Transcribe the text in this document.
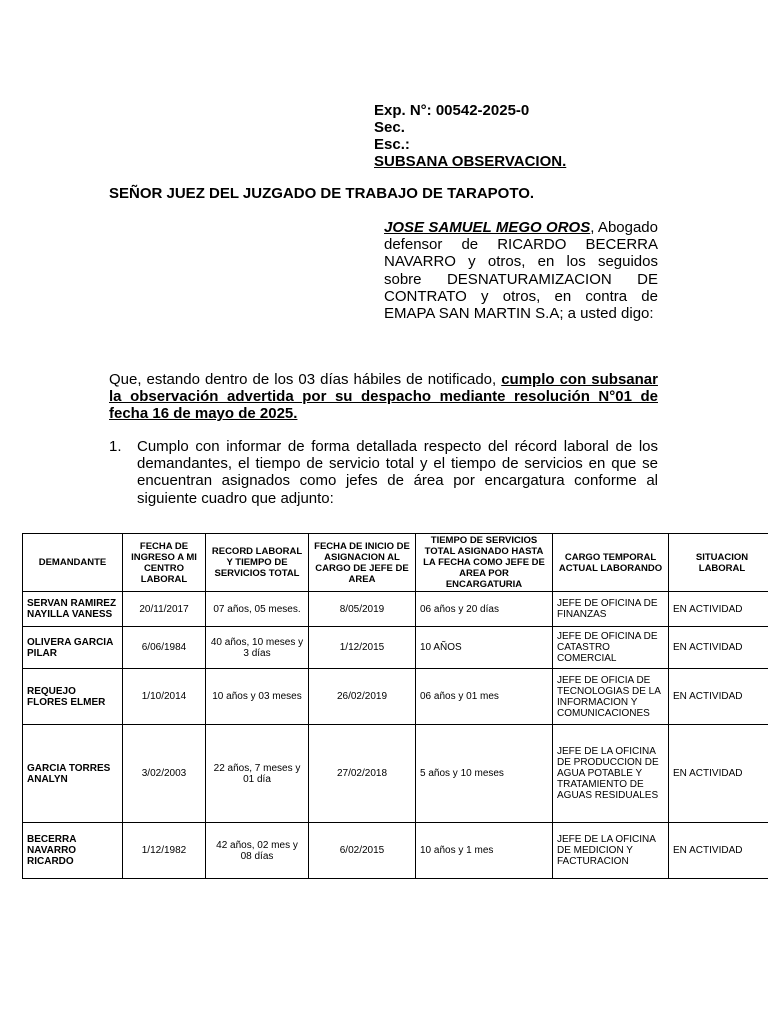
Exp. N°: 00542-2025-0
Sec.
Esc.:
SUBSANA OBSERVACION.
SEÑOR JUEZ DEL JUZGADO DE TRABAJO DE TARAPOTO.
JOSE SAMUEL MEGO OROS, Abogado defensor de RICARDO BECERRA NAVARRO y otros, en los seguidos sobre DESNATURAMIZACION DE CONTRATO y otros, en contra de EMAPA SAN MARTIN S.A; a usted digo:
Que, estando dentro de los 03 días hábiles de notificado, cumplo con subsanar la observación advertida por su despacho mediante resolución N°01 de fecha 16 de mayo de 2025.
1. Cumplo con informar de forma detallada respecto del récord laboral de los demandantes, el tiempo de servicio total y el tiempo de servicios en que se encuentran asignados como jefes de área por encargatura conforme al siguiente cuadro que adjunto:
DEMANDANTE	FECHA DE INGRESO A MI CENTRO LABORAL	RECORD LABORAL Y TIEMPO DE SERVICIOS TOTAL	FECHA DE INICIO DE ASIGNACION AL CARGO DE JEFE DE AREA	TIEMPO DE SERVICIOS TOTAL ASIGNADO HASTA LA FECHA COMO JEFE DE AREA POR ENCARGATURIA	CARGO TEMPORAL ACTUAL LABORANDO	SITUACION LABORAL
SERVAN RAMIREZ NAYILLA VANESS	20/11/2017	07 años, 05 meses.	8/05/2019	06 años y 20 días	JEFE DE OFICINA DE FINANZAS	EN ACTIVIDAD
OLIVERA GARCIA PILAR	6/06/1984	40 años, 10 meses y 3 días	1/12/2015	10 AÑOS	JEFE DE OFICINA DE CATASTRO COMERCIAL	EN ACTIVIDAD
REQUEJO FLORES ELMER	1/10/2014	10 años y 03 meses	26/02/2019	06 años y 01 mes	JEFE DE OFICIA DE TECNOLOGIAS DE LA INFORMACION Y COMUNICACIONES	EN ACTIVIDAD
GARCIA TORRES ANALYN	3/02/2003	22 años, 7 meses y 01 día	27/02/2018	5 años y 10 meses	JEFE DE LA OFICINA DE PRODUCCION DE AGUA POTABLE Y TRATAMIENTO DE AGUAS RESIDUALES	EN ACTIVIDAD
BECERRA NAVARRO RICARDO	1/12/1982	42 años, 02 mes y 08 días	6/02/2015	10 años y 1 mes	JEFE DE LA OFICINA DE MEDICION Y FACTURACION	EN ACTIVIDAD
